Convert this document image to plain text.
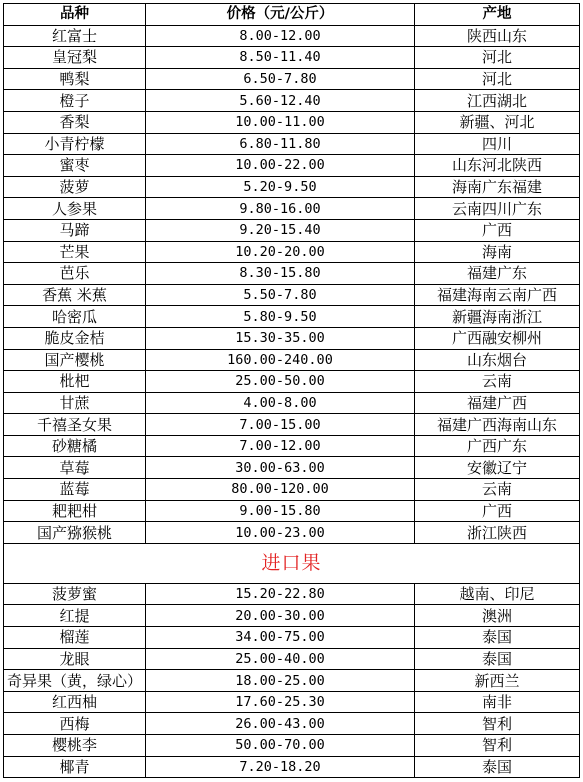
品种	价格（元/公斤）	产地
红富士	8.00-12.00	陕西山东
皇冠梨	8.50-11.40	河北
鸭梨	6.50-7.80	河北
橙子	5.60-12.40	江西湖北
香梨	10.00-11.00	新疆、河北
小青柠檬	6.80-11.80	四川
蜜枣	10.00-22.00	山东河北陕西
菠萝	5.20-9.50	海南广东福建
人参果	9.80-16.00	云南四川广东
马蹄	9.20-15.40	广西
芒果	10.20-20.00	海南
芭乐	8.30-15.80	福建广东
香蕉 米蕉	5.50-7.80	福建海南云南广西
哈密瓜	5.80-9.50	新疆海南浙江
脆皮金桔	15.30-35.00	广西融安柳州
国产樱桃	160.00-240.00	山东烟台
枇杷	25.00-50.00	云南
甘蔗	4.00-8.00	福建广西
千禧圣女果	7.00-15.00	福建广西海南山东
砂糖橘	7.00-12.00	广西广东
草莓	30.00-63.00	安徽辽宁
蓝莓	80.00-120.00	云南
耙耙柑	9.00-15.80	广西
国产猕猴桃	10.00-23.00	浙江陕西
进口果		
菠萝蜜	15.20-22.80	越南、印尼
红提	20.00-30.00	澳洲
榴莲	34.00-75.00	泰国
龙眼	25.00-40.00	泰国
奇异果（黄，绿心）	18.00-25.00	新西兰
红西柚	17.60-25.30	南非
西梅	26.00-43.00	智利
樱桃李	50.00-70.00	智利
椰青	7.20-18.20	泰国
